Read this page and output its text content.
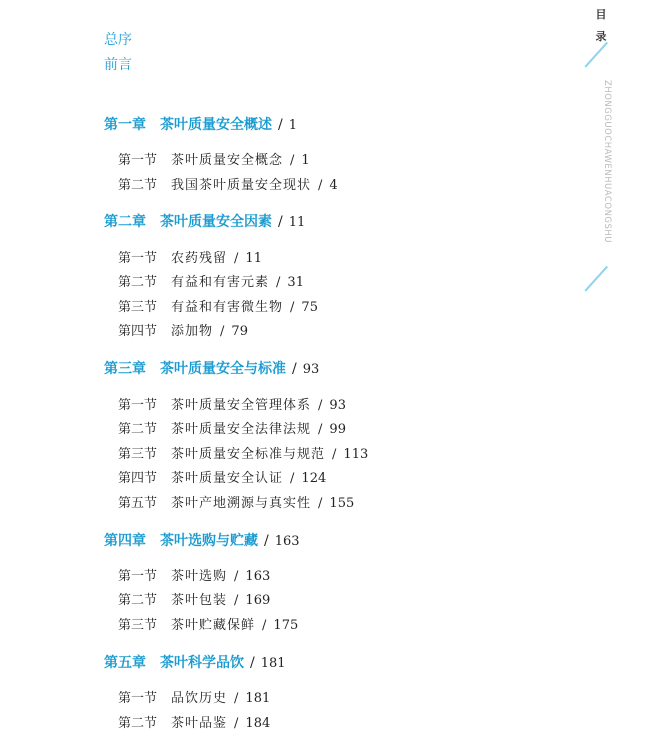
总序
前言
第一章 茶叶质量安全概述 / 1
第一节 茶叶质量安全概念 / 1
第二节 我国茶叶质量安全现状 / 4
第二章 茶叶质量安全因素 / 11
第一节 农药残留 / 11
第二节 有益和有害元素 / 31
第三节 有益和有害微生物 / 75
第四节 添加物 / 79
第三章 茶叶质量安全与标准 / 93
第一节 茶叶质量安全管理体系 / 93
第二节 茶叶质量安全法律法规 / 99
第三节 茶叶质量安全标准与规范 / 113
第四节 茶叶质量安全认证 / 124
第五节 茶叶产地溯源与真实性 / 155
第四章 茶叶选购与贮藏 / 163
第一节 茶叶选购 / 163
第二节 茶叶包装 / 169
第三节 茶叶贮藏保鲜 / 175
第五章 茶叶科学品饮 / 181
第一节 品饮历史 / 181
第二节 茶叶品鉴 / 184
目
录
ZHONGGUOCHAWENHUACONGSHU
